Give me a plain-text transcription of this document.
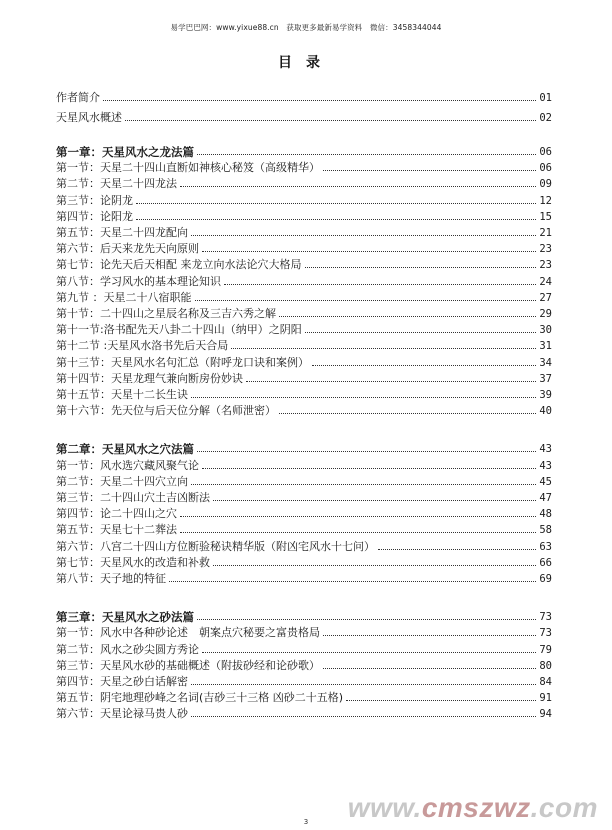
易学巴巴网：www.yixue88.cn　获取更多最新易学资料　微信：3458344044
目录
作者简介	01
天星风水概述	02
第一章：天星风水之龙法篇	06
第一节：天星二十四山直断如神核心秘笈（高级精华）	06
第二节：天星二十四龙法	09
第三节：论阴龙	12
第四节：论阳龙	15
第五节：天星二十四龙配向	21
第六节：后天来龙先天向原则	23
第七节：论先天后天相配 来龙立向水法论穴大格局	23
第八节：学习风水的基本理论知识	24
第九节 ：天星二十八宿职能	27
第十节：二十四山之星辰名称及三吉六秀之解	29
第十一节:洛书配先天八卦二十四山（纳甲）之阴阳	30
第十二节 :天星风水洛书先后天合局	31
第十三节：天星风水名句汇总（附呼龙口诀和案例）	34
第十四节：天星龙理气兼向断房份妙诀	37
第十五节：天星十二长生诀	39
第十六节：先天位与后天位分解（名师泄密）	40
第二章：天星风水之穴法篇	43
第一节：风水选穴藏风聚气论	43
第二节：天星二十四穴立向	45
第三节：二十四山穴土吉凶断法	47
第四节：论二十四山之穴	48
第五节：天星七十二葬法	58
第六节：八宫二十四山方位断验秘诀精华版（附凶宅风水十七问）	63
第七节：天星风水的改造和补救	66
第八节：天子地的特征	69
第三章：天星风水之砂法篇	73
第一节：风水中各种砂论述　朝案点穴秘要之富贵格局	73
第二节：风水之砂尖圆方秀论	79
第三节：天星风水砂的基础概述（附拔砂经和论砂歌）	80
第四节：天星之砂白话解密	84
第五节：阴宅地理砂峰之名词(吉砂三十三格 凶砂二十五格)	91
第六节：天星论禄马贵人砂	94
3	www.cmszwz.com
